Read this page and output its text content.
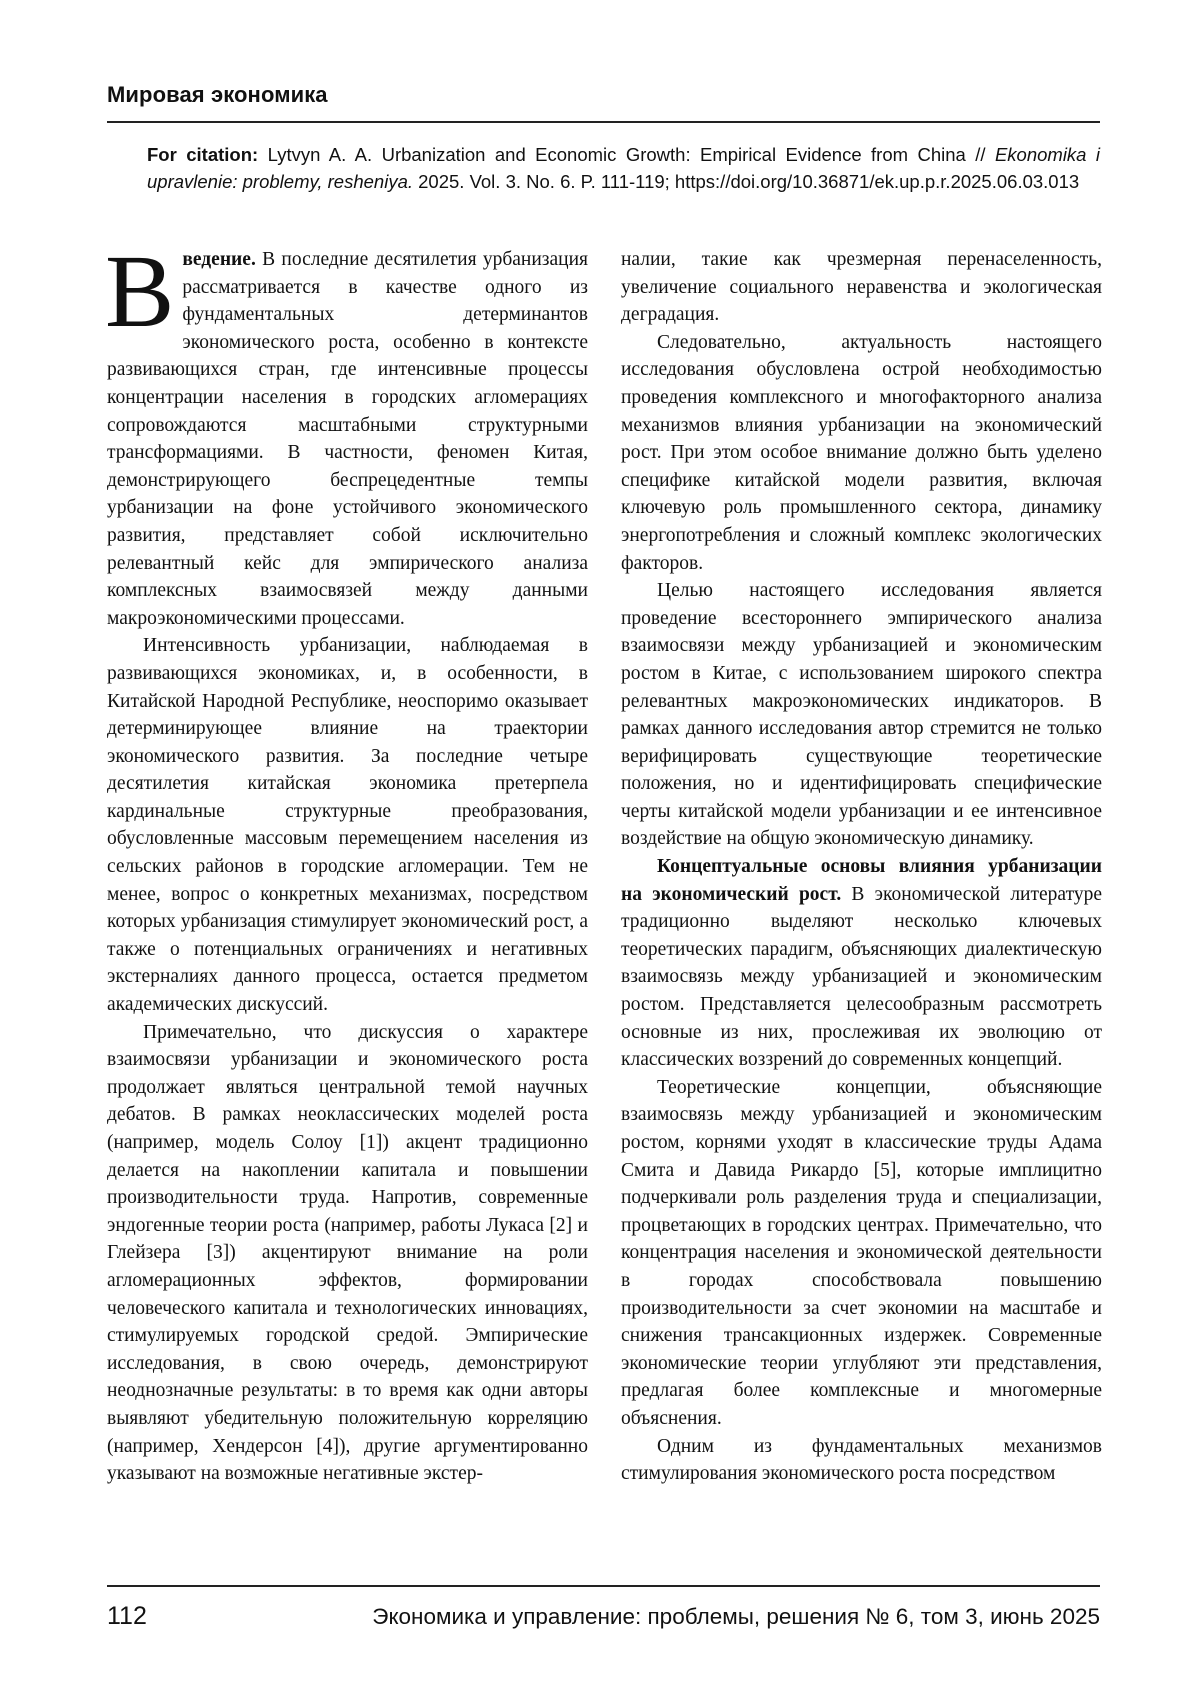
Мировая экономика
For citation: Lytvyn A. A. Urbanization and Economic Growth: Empirical Evidence from China // Ekonomika i upravlenie: problemy, resheniya. 2025. Vol. 3. No. 6. P. 111-119; https://doi.org/10.36871/ek.up.p.r.2025.06.03.013

Введение. В последние десятилетия урбанизация рассматривается в качестве одного из фундаментальных детерминантов экономического роста, особенно в контексте развивающихся стран, где интенсивные процессы концентрации населения в городских агломерациях сопровождаются масштабными структурными трансформациями. В частности, феномен Китая, демонстрирующего беспрецедентные темпы урбанизации на фоне устойчивого экономического развития, представляет собой исключительно релевантный кейс для эмпирического анализа комплексных взаимосвязей между данными макроэкономическими процессами.

Интенсивность урбанизации, наблюдаемая в развивающихся экономиках, и, в особенности, в Китайской Народной Республике, неоспоримо оказывает детерминирующее влияние на траектории экономического развития. За последние четыре десятилетия китайская экономика претерпела кардинальные структурные преобразования, обусловленные массовым перемещением населения из сельских районов в городские агломерации. Тем не менее, вопрос о конкретных механизмах, посредством которых урбанизация стимулирует экономический рост, а также о потенциальных ограничениях и негативных экстерналиях данного процесса, остается предметом академических дискуссий.

Примечательно, что дискуссия о характере взаимосвязи урбанизации и экономического роста продолжает являться центральной темой научных дебатов. В рамках неоклассических моделей роста (например, модель Солоу [1]) акцент традиционно делается на накоплении капитала и повышении производительности труда. Напротив, современные эндогенные теории роста (например, работы Лукаса [2] и Глейзера [3]) акцентируют внимание на роли агломерационных эффектов, формировании человеческого капитала и технологических инновациях, стимулируемых городской средой. Эмпирические исследования, в свою очередь, демонстрируют неоднозначные результаты: в то время как одни авторы выявляют убедительную положительную корреляцию (например, Хендерсон [4]), другие аргументированно указывают на возможные негативные экстер-

налии, такие как чрезмерная перенаселенность, увеличение социального неравенства и экологическая деградация.

Следовательно, актуальность настоящего исследования обусловлена острой необходимостью проведения комплексного и многофакторного анализа механизмов влияния урбанизации на экономический рост. При этом особое внимание должно быть уделено специфике китайской модели развития, включая ключевую роль промышленного сектора, динамику энергопотребления и сложный комплекс экологических факторов.

Целью настоящего исследования является проведение всестороннего эмпирического анализа взаимосвязи между урбанизацией и экономическим ростом в Китае, с использованием широкого спектра релевантных макроэкономических индикаторов. В рамках данного исследования автор стремится не только верифицировать существующие теоретические положения, но и идентифицировать специфические черты китайской модели урбанизации и ее интенсивное воздействие на общую экономическую динамику.

Концептуальные основы влияния урбанизации на экономический рост. В экономической литературе традиционно выделяют несколько ключевых теоретических парадигм, объясняющих диалектическую взаимосвязь между урбанизацией и экономическим ростом. Представляется целесообразным рассмотреть основные из них, прослеживая их эволюцию от классических воззрений до современных концепций.

Теоретические концепции, объясняющие взаимосвязь между урбанизацией и экономическим ростом, корнями уходят в классические труды Адама Смита и Давида Рикардо [5], которые имплицитно подчеркивали роль разделения труда и специализации, процветающих в городских центрах. Примечательно, что концентрация населения и экономической деятельности в городах способствовала повышению производительности за счет экономии на масштабе и снижения трансакционных издержек. Современные экономические теории углубляют эти представления, предлагая более комплексные и многомерные объяснения.

Одним из фундаментальных механизмов стимулирования экономического роста посредством

112	Экономика и управление: проблемы, решения № 6, том 3, июнь 2025
